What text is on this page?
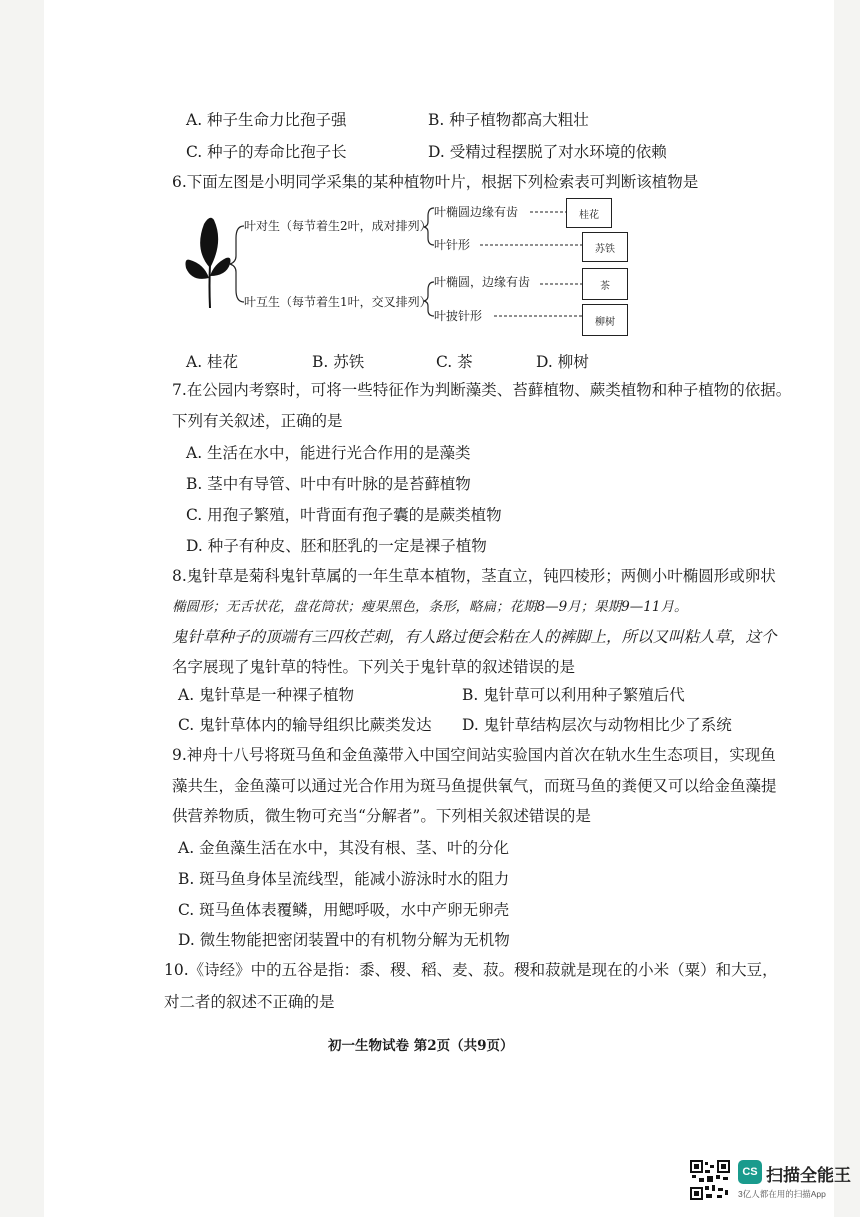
A. 种子生命力比孢子强	B. 种子植物都高大粗壮
C. 种子的寿命比孢子长	D. 受精过程摆脱了对水环境的依赖
6.下面左图是小明同学采集的某种植物叶片，根据下列检索表可判断该植物是
叶对生（每节着生2叶，成对排列）
叶互生（每节着生1叶，交叉排列）
叶椭圆边缘有齿
叶针形
叶椭圆，边缘有齿
叶披针形
桂花
苏铁
茶
柳树
A. 桂花	B. 苏铁	C. 茶	D. 柳树
7.在公园内考察时，可将一些特征作为判断藻类、苔藓植物、蕨类植物和种子植物的依据。
下列有关叙述，正确的是
A. 生活在水中，能进行光合作用的是藻类
B. 茎中有导管、叶中有叶脉的是苔藓植物
C. 用孢子繁殖，叶背面有孢子囊的是蕨类植物
D. 种子有种皮、胚和胚乳的一定是裸子植物
8.鬼针草是菊科鬼针草属的一年生草本植物，茎直立，钝四棱形；两侧小叶椭圆形或卵状
椭圆形；无舌状花，盘花筒状；瘦果黑色，条形，略扁；花期8—9月；果期9—11月。
鬼针草种子的顶端有三四枚芒刺，有人路过便会粘在人的裤脚上，所以又叫粘人草，这个
名字展现了鬼针草的特性。下列关于鬼针草的叙述错误的是
A. 鬼针草是一种裸子植物	B. 鬼针草可以利用种子繁殖后代
C. 鬼针草体内的输导组织比蕨类发达 D. 鬼针草结构层次与动物相比少了系统
9.神舟十八号将斑马鱼和金鱼藻带入中国空间站实验国内首次在轨水生生态项目，实现鱼
藻共生，金鱼藻可以通过光合作用为斑马鱼提供氧气，而斑马鱼的粪便又可以给金鱼藻提
供营养物质，微生物可充当“分解者”。下列相关叙述错误的是
A. 金鱼藻生活在水中，其没有根、茎、叶的分化
B. 斑马鱼身体呈流线型，能减小游泳时水的阻力
C. 斑马鱼体表覆鳞，用鳃呼吸，水中产卵无卵壳
D. 微生物能把密闭装置中的有机物分解为无机物
10.《诗经》中的五谷是指：黍、稷、稻、麦、菽。稷和菽就是现在的小米（粟）和大豆，
对二者的叙述不正确的是
初一生物试卷 第2页（共9页）
CS 扫描全能王
3亿人都在用的扫描App
